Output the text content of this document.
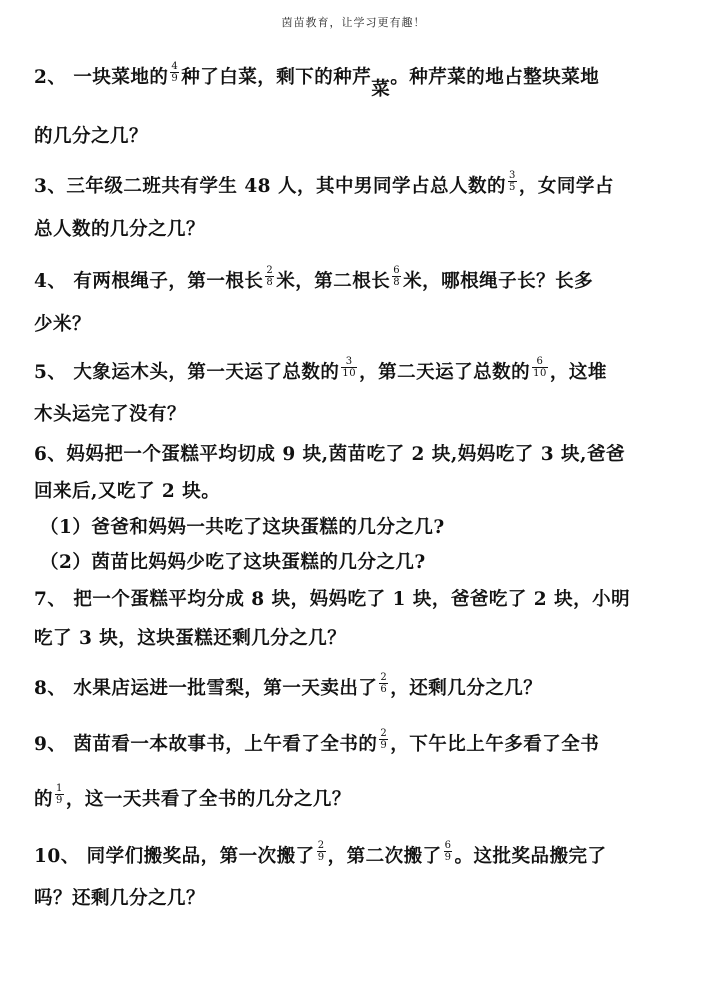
茵苗教育，让学习更有趣！
2、 一块菜地的 $\frac{4}{9}$ 种了白菜，剩下的种芹菜。种芹菜的地占整块菜地
的几分之几？
3、三年级二班共有学生 48 人，其中男同学占总人数的 $\frac{3}{5}$ ，女同学占
总人数的几分之几？
4、 有两根绳子，第一根长 $\frac{2}{8}$ 米，第二根长 $\frac{6}{8}$ 米，哪根绳子长？长多
少米？
5、 大象运木头，第一天运了总数的 $\frac{3}{10}$ ，第二天运了总数的 $\frac{6}{10}$ ，这堆
木头运完了没有？
6、妈妈把一个蛋糕平均切成 9 块,茵苗吃了 2 块,妈妈吃了 3 块,爸爸
回来后,又吃了 2 块。
（1）爸爸和妈妈一共吃了这块蛋糕的几分之几?
（2）茵苗比妈妈少吃了这块蛋糕的几分之几?
7、 把一个蛋糕平均分成 8 块，妈妈吃了 1 块，爸爸吃了 2 块，小明
吃了 3 块，这块蛋糕还剩几分之几？
8、 水果店运进一批雪梨，第一天卖出了 $\frac{2}{6}$ ，还剩几分之几？
9、 茵苗看一本故事书，上午看了全书的 $\frac{2}{9}$ ，下午比上午多看了全书
的 $\frac{1}{9}$ ，这一天共看了全书的几分之几？
10、 同学们搬奖品，第一次搬了 $\frac{2}{9}$ ，第二次搬了 $\frac{6}{9}$ 。这批奖品搬完了
吗？还剩几分之几？
